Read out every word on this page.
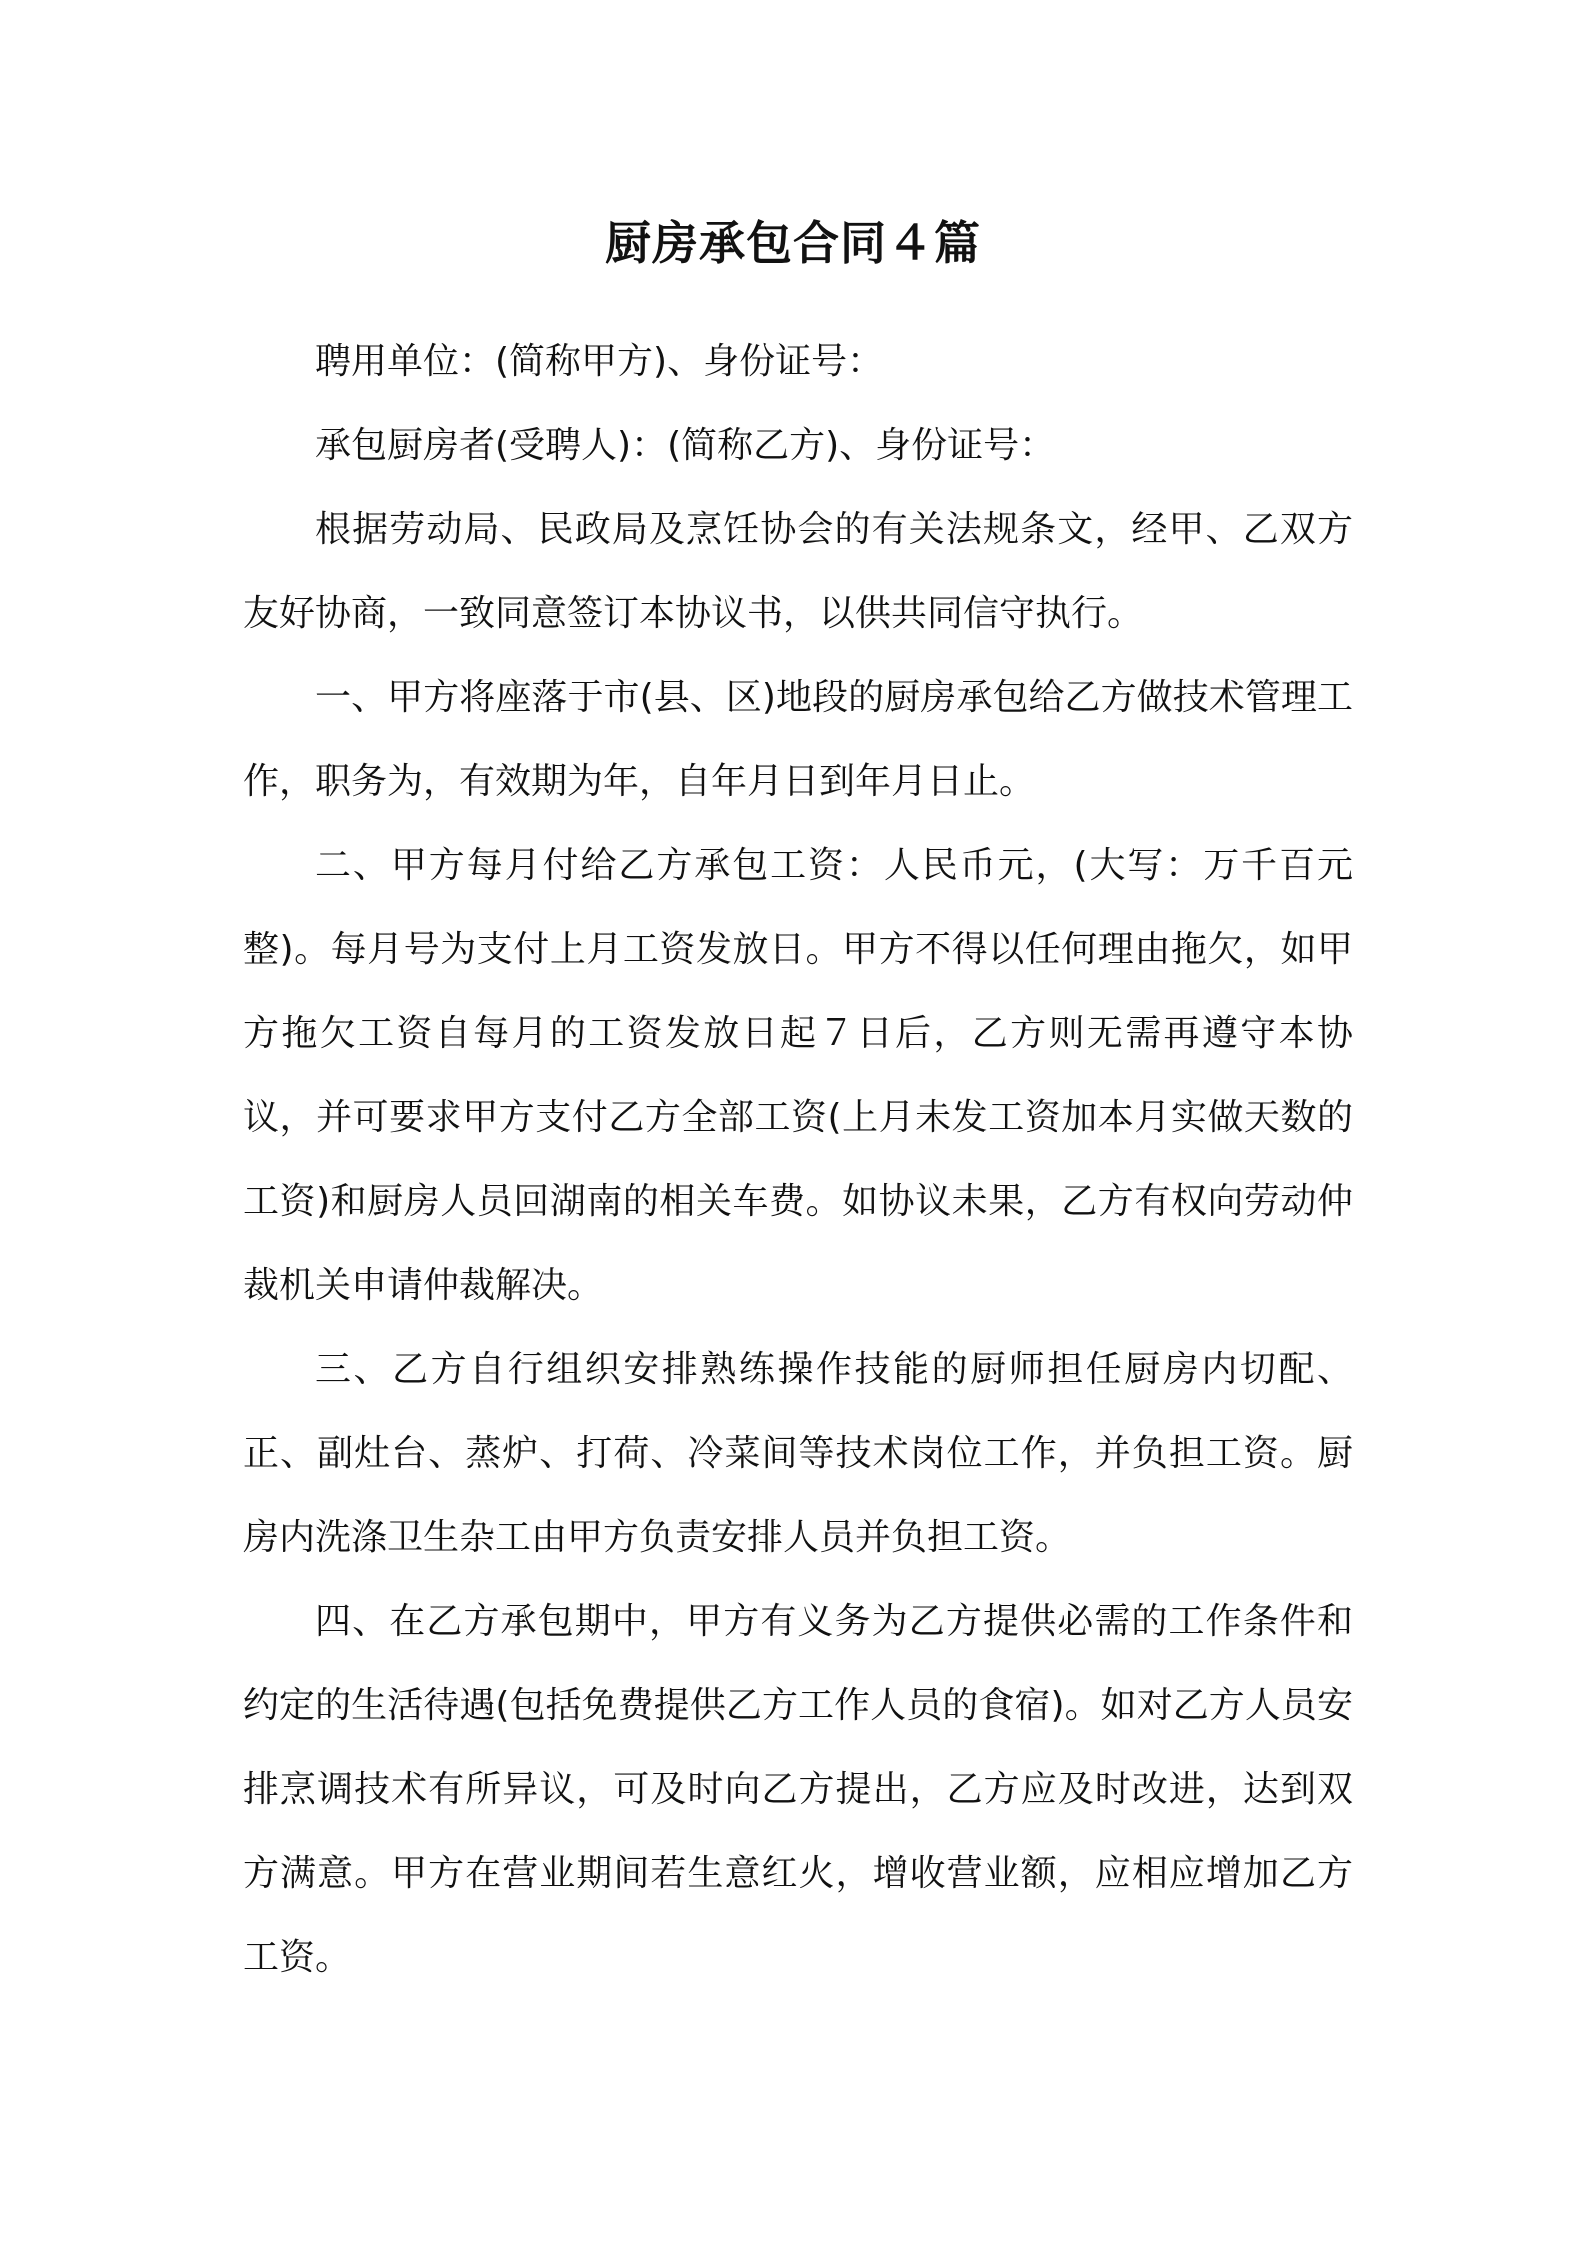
厨房承包合同４篇

聘用单位：(简称甲方)、身份证号：

承包厨房者(受聘人)：(简称乙方)、身份证号：

根据劳动局、民政局及烹饪协会的有关法规条文，经甲、乙双方友好协商，一致同意签订本协议书，以供共同信守执行。

一、甲方将座落于市(县、区)地段的厨房承包给乙方做技术管理工作，职务为，有效期为年，自年月日到年月日止。

二、甲方每月付给乙方承包工资：人民币元，(大写：万千百元整)。每月号为支付上月工资发放日。甲方不得以任何理由拖欠，如甲方拖欠工资自每月的工资发放日起７日后，乙方则无需再遵守本协议，并可要求甲方支付乙方全部工资(上月未发工资加本月实做天数的工资)和厨房人员回湖南的相关车费。如协议未果，乙方有权向劳动仲裁机关申请仲裁解决。

三、乙方自行组织安排熟练操作技能的厨师担任厨房内切配、正、副灶台、蒸炉、打荷、冷菜间等技术岗位工作，并负担工资。厨房内洗涤卫生杂工由甲方负责安排人员并负担工资。

四、在乙方承包期中，甲方有义务为乙方提供必需的工作条件和约定的生活待遇(包括免费提供乙方工作人员的食宿)。如对乙方人员安排烹调技术有所异议，可及时向乙方提出，乙方应及时改进，达到双方满意。甲方在营业期间若生意红火，增收营业额，应相应增加乙方工资。
